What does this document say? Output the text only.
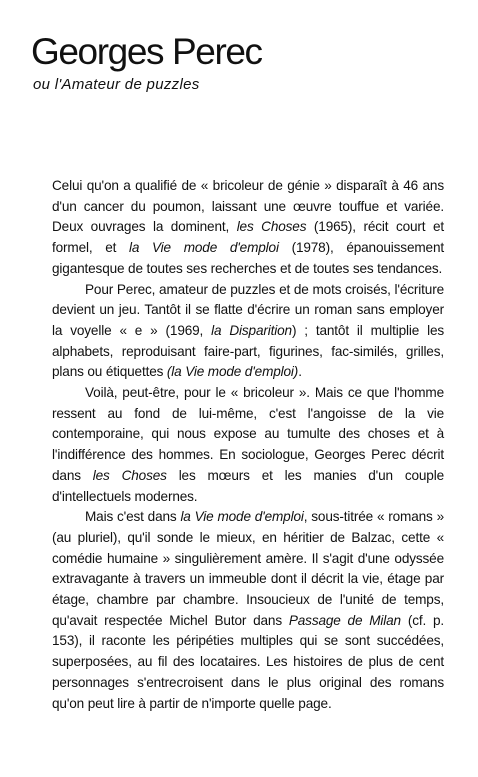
Georges Perec
ou l'Amateur de puzzles

Celui qu'on a qualifié de « bricoleur de génie » disparaît à 46 ans d'un cancer du poumon, laissant une œuvre touffue et variée. Deux ouvrages la dominent, les Choses (1965), récit court et formel, et la Vie mode d'emploi (1978), épanouissement gigantesque de toutes ses recherches et de toutes ses tendances.

Pour Perec, amateur de puzzles et de mots croisés, l'écriture devient un jeu. Tantôt il se flatte d'écrire un roman sans employer la voyelle « e » (1969, la Disparition) ; tantôt il multiplie les alphabets, reproduisant faire-part, figurines, fac-similés, grilles, plans ou étiquettes (la Vie mode d'emploi).

Voilà, peut-être, pour le « bricoleur ». Mais ce que l'homme ressent au fond de lui-même, c'est l'angoisse de la vie contemporaine, qui nous expose au tumulte des choses et à l'indifférence des hommes. En sociologue, Georges Perec décrit dans les Choses les mœurs et les manies d'un couple d'intellectuels modernes.

Mais c'est dans la Vie mode d'emploi, sous-titrée « romans » (au pluriel), qu'il sonde le mieux, en héritier de Balzac, cette « comédie humaine » singulièrement amère. Il s'agit d'une odyssée extravagante à travers un immeuble dont il décrit la vie, étage par étage, chambre par chambre. Insoucieux de l'unité de temps, qu'avait respectée Michel Butor dans Passage de Milan (cf. p. 153), il raconte les péripéties multiples qui se sont succédées, superposées, au fil des locataires. Les histoires de plus de cent personnages s'entrecroisent dans le plus original des romans qu'on peut lire à partir de n'importe quelle page.
